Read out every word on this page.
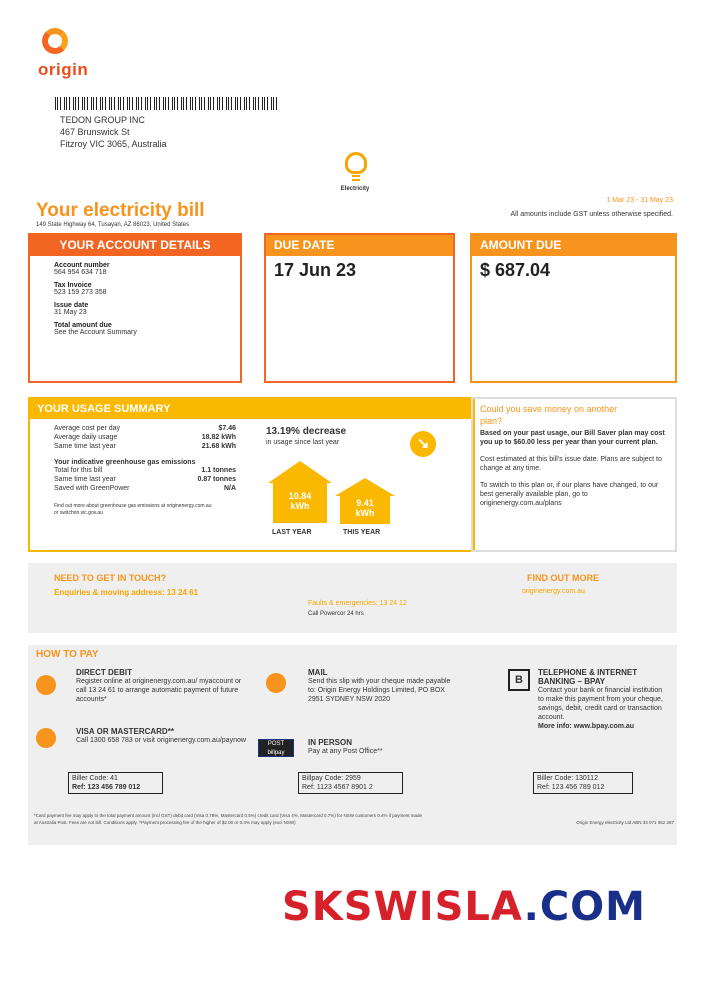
origin
TEDON GROUP INC
467 Brunswick St
Fitzroy VIC 3065, Australia
Electricity
Your electricity bill
149 State Highway 64, Tusayan, AZ 86023, United States
1 Mar 23 - 31 May 23
All amounts include GST unless otherwise specified.
YOUR ACCOUNT DETAILS
Account number
564 954 634 718
Tax Invoice
523 159 273 358
Issue date
31 May 23
Total amount due
See the Account Summary
DUE DATE
17 Jun 23
AMOUNT DUE
$ 687.04
YOUR USAGE SUMMARY
Average cost per day	$7.46
Average daily usage	18.82 kWh
Same time last year	21.68 kWh
Your indicative greenhouse gas emissions
Total for this bill	1.1 tonnes
Same time last year	0.87 tonnes
Saved with GreenPower	N/A
Find out more about greenhouse gas emissions at originenergy.com.au or switchon.vic.gov.au
13.19% decrease
in usage since last year	↘
10.84
kWh
LAST YEAR
9.41
kWh
THIS YEAR
Could you save money on another plan?
Based on your past usage, our Bill Saver plan may cost you up to $60.00 less per year than your current plan.
Cost estimated at this bill's issue date. Plans are subject to change at any time.
To switch to this plan or, if our plans have changed, to our best generally available plan, go to originenergy.com.au/plans
NEED TO GET IN TOUCH?
Enquiries & moving address: 13 24 61
Faults & emergencies: 13 24 12
Call Powercor 24 hrs
FIND OUT MORE
originenergy.com.au
HOW TO PAY
DIRECT DEBIT
Register online at originenergy.com.au/ myaccount or call 13 24 61 to arrange automatic payment of future accounts*
VISA OR MASTERCARD**
Call 1300 658 783 or visit originenergy.com.au/paynow
Biller Code: 41
Ref: 123 456 789 012
MAIL
Send this slip with your cheque made payable to: Origin Energy Holdings Limited, PO BOX 2951 SYDNEY NSW 2020
POST
billpay
IN PERSON
Pay at any Post Office**
Billpay Code: 2959
Ref: 1123 4567 8901 2
B
TELEPHONE & INTERNET BANKING – BPAY
Contact your bank or financial institution to make this payment from your cheque, savings, debit, credit card or transaction account.
More info: www.bpay.com.au
Biller Code: 130112
Ref: 123 456 789 012
*Card payment fee may apply to the total payment amount (incl GST) debit card (Visa 0.78%, Mastercard 0.5%) credit card (Visa 4%, Mastercard 0.7%) for NSW customers 0.4% if payment made
at Australia Post. Fees are not bill. Conditions apply. ^Payment processing fee of the higher of $2.00 or 0.4% may apply (excl NSW)	Origin Energy electricity Ltd ABN 33 071 052 287
SKSWISLA.COM
